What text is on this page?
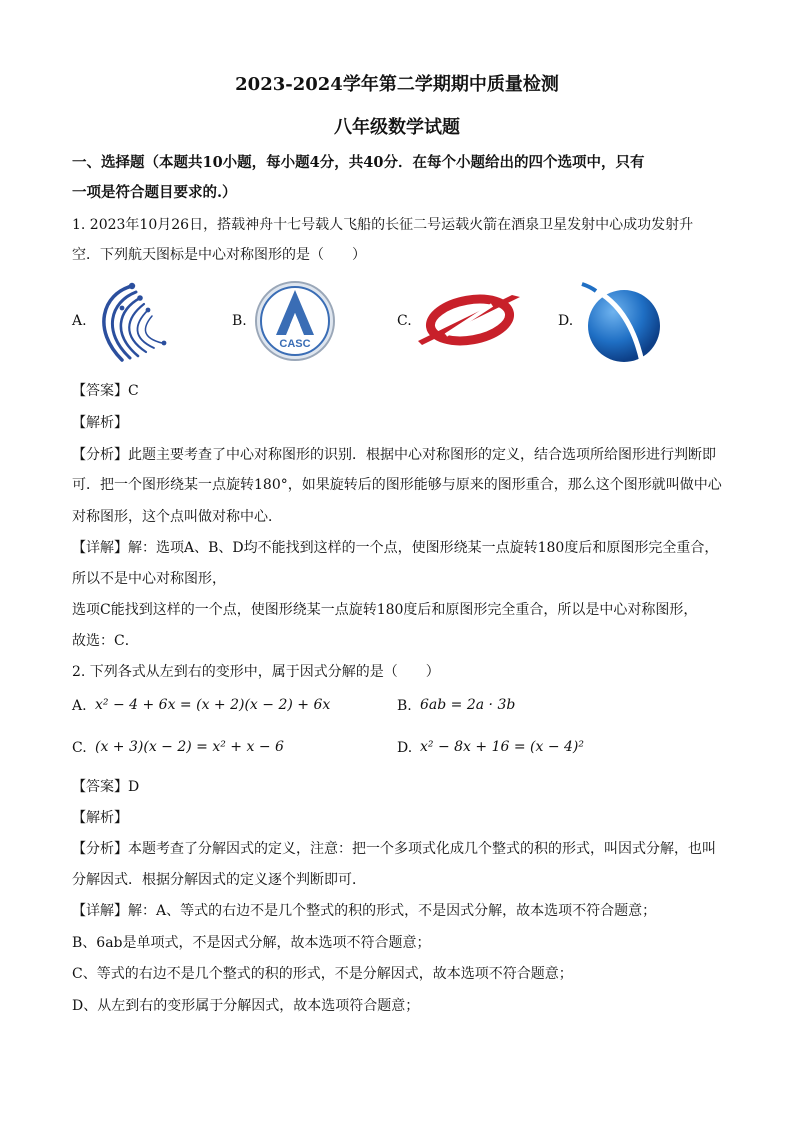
2023-2024学年第二学期期中质量检测
八年级数学试题
一、选择题（本题共10小题，每小题4分，共40分．在每个小题给出的四个选项中，只有
一项是符合题目要求的.）
1. 2023年10月26日，搭载神舟十七号载人飞船的长征二号运载火箭在酒泉卫星发射中心成功发射升
空．下列航天图标是中心对称图形的是（　　）
A.	B.
CASC
C.	D.
【答案】C
【解析】
【分析】此题主要考查了中心对称图形的识别．根据中心对称图形的定义，结合选项所给图形进行判断即
可．把一个图形绕某一点旋转180°，如果旋转后的图形能够与原来的图形重合，那么这个图形就叫做中心
对称图形，这个点叫做对称中心．
【详解】解：选项A、B、D均不能找到这样的一个点，使图形绕某一点旋转180度后和原图形完全重合，
所以不是中心对称图形，
选项C能找到这样的一个点，使图形绕某一点旋转180度后和原图形完全重合，所以是中心对称图形，
故选：C．
2. 下列各式从左到右的变形中，属于因式分解的是（　　）
A. x² − 4 + 6x = (x + 2)(x − 2) + 6x	B. 6ab = 2a · 3b
C. (x + 3)(x − 2) = x² + x − 6	D. x² − 8x + 16 = (x − 4)²
【答案】D
【解析】
【分析】本题考查了分解因式的定义，注意：把一个多项式化成几个整式的积的形式，叫因式分解，也叫
分解因式．根据分解因式的定义逐个判断即可．
【详解】解：A、等式的右边不是几个整式的积的形式，不是因式分解，故本选项不符合题意；
B、6ab是单项式，不是因式分解，故本选项不符合题意；
C、等式的右边不是几个整式的积的形式，不是分解因式，故本选项不符合题意；
D、从左到右的变形属于分解因式，故本选项符合题意；
